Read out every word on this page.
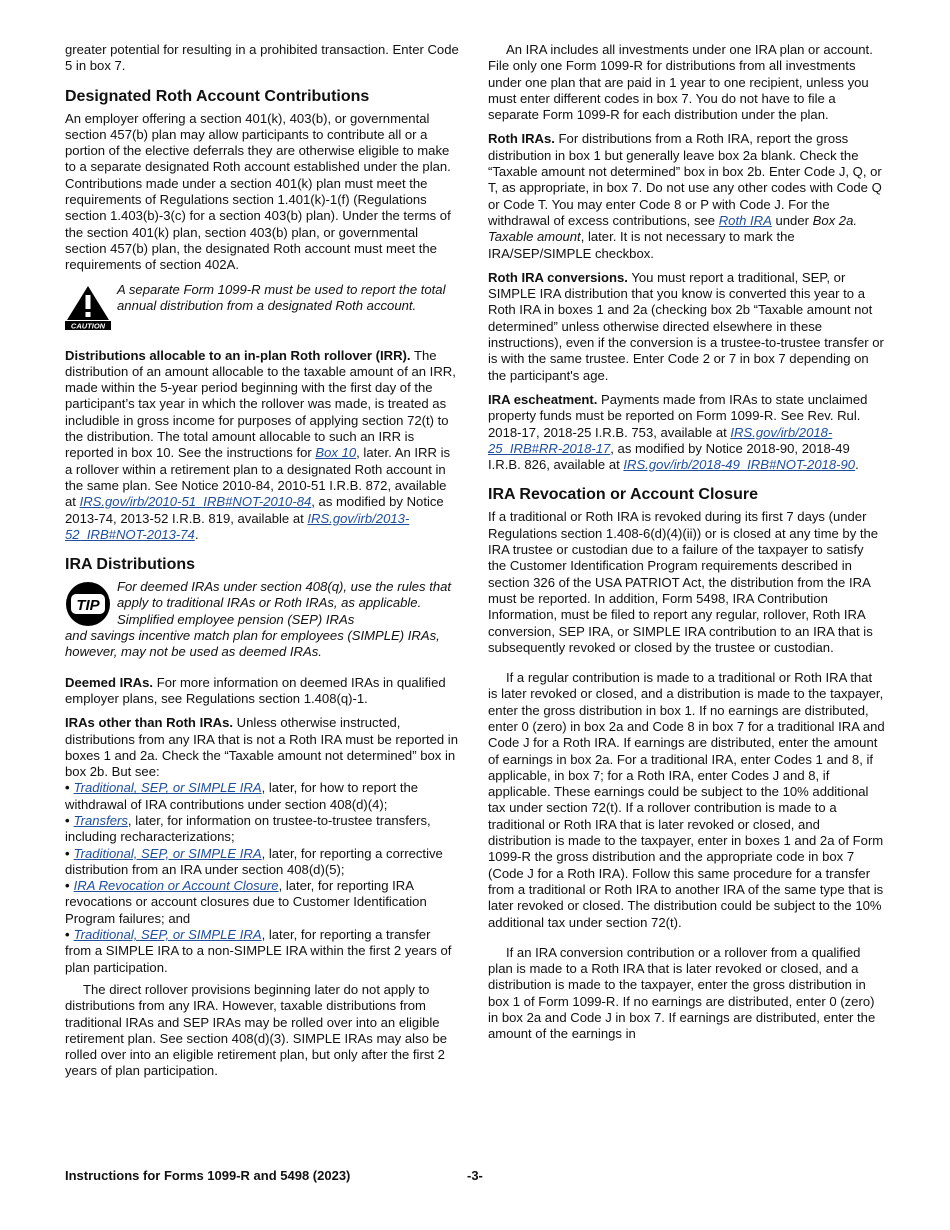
greater potential for resulting in a prohibited transaction. Enter Code 5 in box 7.

Designated Roth Account Contributions

An employer offering a section 401(k), 403(b), or governmental section 457(b) plan may allow participants to contribute all or a portion of the elective deferrals they are otherwise eligible to make to a separate designated Roth account established under the plan. Contributions made under a section 401(k) plan must meet the requirements of Regulations section 1.401(k)-1(f) (Regulations section 1.403(b)-3(c) for a section 403(b) plan). Under the terms of the section 401(k) plan, section 403(b) plan, or governmental section 457(b) plan, the designated Roth account must meet the requirements of section 402A.

CAUTION
A separate Form 1099-R must be used to report the total annual distribution from a designated Roth account.

Distributions allocable to an in-plan Roth rollover (IRR). The distribution of an amount allocable to the taxable amount of an IRR, made within the 5-year period beginning with the first day of the participant’s tax year in which the rollover was made, is treated as includible in gross income for purposes of applying section 72(t) to the distribution. The total amount allocable to such an IRR is reported in box 10. See the instructions for Box 10, later. An IRR is a rollover within a retirement plan to a designated Roth account in the same plan. See Notice 2010-84, 2010-51 I.R.B. 872, available at IRS.gov/irb/2010-51_IRB#NOT-2010-84, as modified by Notice 2013-74, 2013-52 I.R.B. 819, available at IRS.gov/irb/2013-52_IRB#NOT-2013-74.

IRA Distributions
TIP
For deemed IRAs under section 408(q), use the rules that apply to traditional IRAs or Roth IRAs, as applicable. Simplified employee pension (SEP) IRAs
and savings incentive match plan for employees (SIMPLE) IRAs, however, may not be used as deemed IRAs.

Deemed IRAs. For more information on deemed IRAs in qualified employer plans, see Regulations section 1.408(q)-1.

IRAs other than Roth IRAs. Unless otherwise instructed, distributions from any IRA that is not a Roth IRA must be reported in boxes 1 and 2a. Check the “Taxable amount not determined” box in box 2b. But see:

• Traditional, SEP, or SIMPLE IRA, later, for how to report the withdrawal of IRA contributions under section 408(d)(4);
• Transfers, later, for information on trustee-to-trustee transfers, including recharacterizations;
• Traditional, SEP, or SIMPLE IRA, later, for reporting a corrective distribution from an IRA under section 408(d)(5);
• IRA Revocation or Account Closure, later, for reporting IRA revocations or account closures due to Customer Identification Program failures; and
• Traditional, SEP, or SIMPLE IRA, later, for reporting a transfer from a SIMPLE IRA to a non-SIMPLE IRA within the first 2 years of plan participation.

The direct rollover provisions beginning later do not apply to distributions from any IRA. However, taxable distributions from traditional IRAs and SEP IRAs may be rolled over into an eligible retirement plan. See section 408(d)(3). SIMPLE IRAs may also be rolled over into an eligible retirement plan, but only after the first 2 years of plan participation.

An IRA includes all investments under one IRA plan or account. File only one Form 1099-R for distributions from all investments under one plan that are paid in 1 year to one recipient, unless you must enter different codes in box 7. You do not have to file a separate Form 1099-R for each distribution under the plan.

Roth IRAs. For distributions from a Roth IRA, report the gross distribution in box 1 but generally leave box 2a blank. Check the “Taxable amount not determined” box in box 2b. Enter Code J, Q, or T, as appropriate, in box 7. Do not use any other codes with Code Q or Code T. You may enter Code 8 or P with Code J. For the withdrawal of excess contributions, see Roth IRA under Box 2a. Taxable amount, later. It is not necessary to mark the IRA/SEP/SIMPLE checkbox.

Roth IRA conversions. You must report a traditional, SEP, or SIMPLE IRA distribution that you know is converted this year to a Roth IRA in boxes 1 and 2a (checking box 2b “Taxable amount not determined” unless otherwise directed elsewhere in these instructions), even if the conversion is a trustee-to-trustee transfer or is with the same trustee. Enter Code 2 or 7 in box 7 depending on the participant's age.

IRA escheatment. Payments made from IRAs to state unclaimed property funds must be reported on Form 1099-R. See Rev. Rul. 2018-17, 2018-25 I.R.B. 753, available at IRS.gov/irb/2018-25_IRB#RR-2018-17, as modified by Notice 2018-90, 2018-49 I.R.B. 826, available at IRS.gov/irb/2018-49_IRB#NOT-2018-90.

IRA Revocation or Account Closure

If a traditional or Roth IRA is revoked during its first 7 days (under Regulations section 1.408-6(d)(4)(ii)) or is closed at any time by the IRA trustee or custodian due to a failure of the taxpayer to satisfy the Customer Identification Program requirements described in section 326 of the USA PATRIOT Act, the distribution from the IRA must be reported. In addition, Form 5498, IRA Contribution Information, must be filed to report any regular, rollover, Roth IRA conversion, SEP IRA, or SIMPLE IRA contribution to an IRA that is subsequently revoked or closed by the trustee or custodian.

If a regular contribution is made to a traditional or Roth IRA that is later revoked or closed, and a distribution is made to the taxpayer, enter the gross distribution in box 1. If no earnings are distributed, enter 0 (zero) in box 2a and Code 8 in box 7 for a traditional IRA and Code J for a Roth IRA. If earnings are distributed, enter the amount of earnings in box 2a. For a traditional IRA, enter Codes 1 and 8, if applicable, in box 7; for a Roth IRA, enter Codes J and 8, if applicable. These earnings could be subject to the 10% additional tax under section 72(t). If a rollover contribution is made to a traditional or Roth IRA that is later revoked or closed, and distribution is made to the taxpayer, enter in boxes 1 and 2a of Form 1099-R the gross distribution and the appropriate code in box 7 (Code J for a Roth IRA). Follow this same procedure for a transfer from a traditional or Roth IRA to another IRA of the same type that is later revoked or closed. The distribution could be subject to the 10% additional tax under section 72(t).

If an IRA conversion contribution or a rollover from a qualified plan is made to a Roth IRA that is later revoked or closed, and a distribution is made to the taxpayer, enter the gross distribution in box 1 of Form 1099-R. If no earnings are distributed, enter 0 (zero) in box 2a and Code J in box 7. If earnings are distributed, enter the amount of the earnings in

Instructions for Forms 1099-R and 5498 (2023)	-3-
